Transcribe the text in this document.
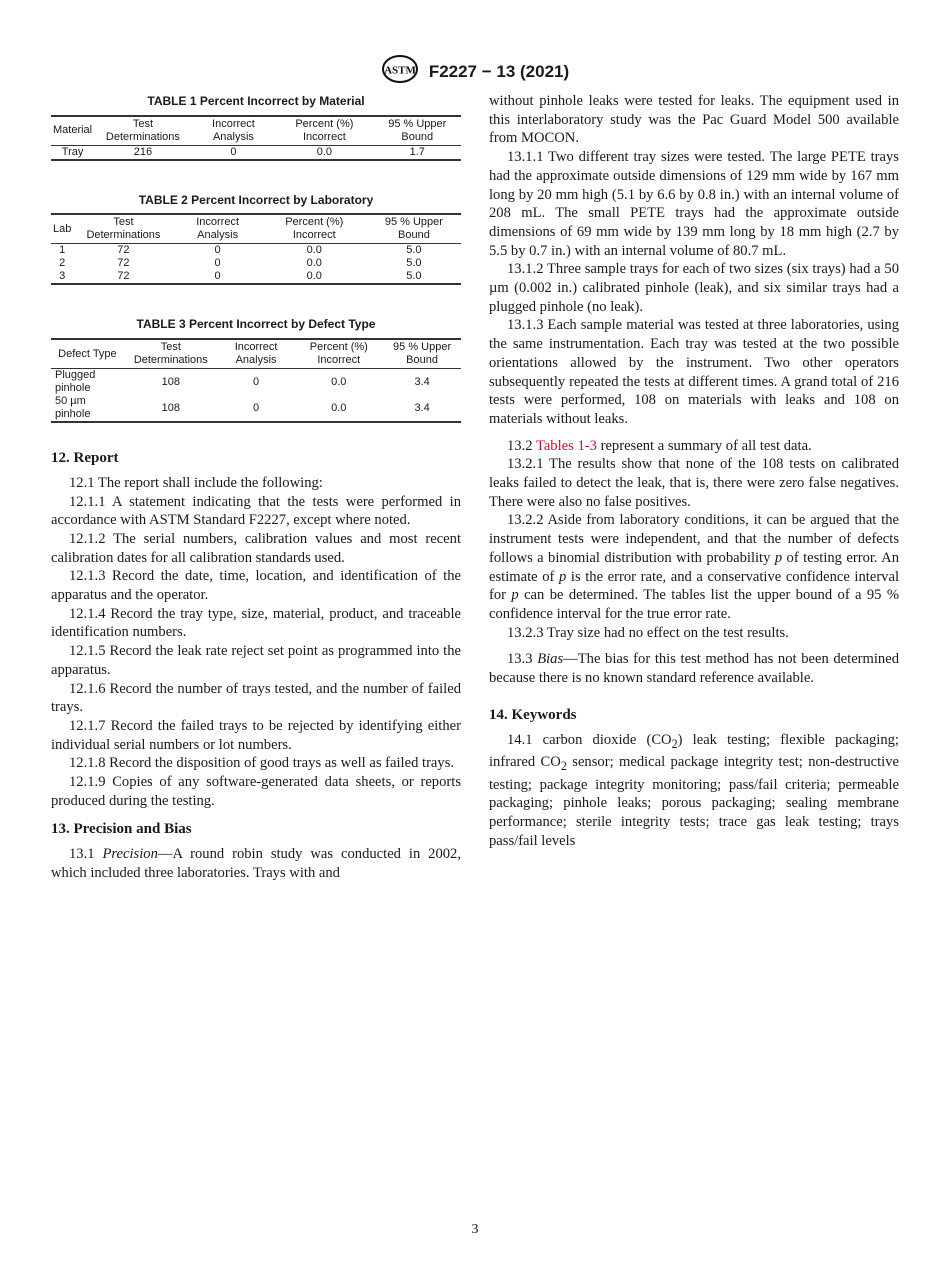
ASTM F2227 − 13 (2021)
TABLE 1 Percent Incorrect by Material
Material	Test Determinations	Incorrect Analysis	Percent (%) Incorrect	95 % Upper Bound
Tray	216	0	0.0	1.7
TABLE 2 Percent Incorrect by Laboratory
Lab	Test Determinations	Incorrect Analysis	Percent (%) Incorrect	95 % Upper Bound
1	72	0	0.0	5.0
2	72	0	0.0	5.0
3	72	0	0.0	5.0
TABLE 3 Percent Incorrect by Defect Type
Defect Type	Test Determinations	Incorrect Analysis	Percent (%) Incorrect	95 % Upper Bound
Plugged pinhole	108	0	0.0	3.4
50 µm pinhole	108	0	0.0	3.4
12. Report

12.1 The report shall include the following:

12.1.1 A statement indicating that the tests were performed in accordance with ASTM Standard F2227, except where noted.

12.1.2 The serial numbers, calibration values and most recent calibration dates for all calibration standards used.

12.1.3 Record the date, time, location, and identification of the apparatus and the operator.

12.1.4 Record the tray type, size, material, product, and traceable identification numbers.

12.1.5 Record the leak rate reject set point as programmed into the apparatus.

12.1.6 Record the number of trays tested, and the number of failed trays.

12.1.7 Record the failed trays to be rejected by identifying either individual serial numbers or lot numbers.

12.1.8 Record the disposition of good trays as well as failed trays.

12.1.9 Copies of any software-generated data sheets, or reports produced during the testing.

13. Precision and Bias

13.1 Precision—A round robin study was conducted in 2002, which included three laboratories. Trays with and

3

without pinhole leaks were tested for leaks. The equipment used in this interlaboratory study was the Pac Guard Model 500 available from MOCON.

13.1.1 Two different tray sizes were tested. The large PETE trays had the approximate outside dimensions of 129 mm wide by 167 mm long by 20 mm high (5.1 by 6.6 by 0.8 in.) with an internal volume of 208 mL. The small PETE trays had the approximate outside dimensions of 69 mm wide by 139 mm long by 18 mm high (2.7 by 5.5 by 0.7 in.) with an internal volume of 80.7 mL.

13.1.2 Three sample trays for each of two sizes (six trays) had a 50 µm (0.002 in.) calibrated pinhole (leak), and six similar trays had a plugged pinhole (no leak).

13.1.3 Each sample material was tested at three laboratories, using the same instrumentation. Each tray was tested at the two possible orientations allowed by the instrument. Two other operators subsequently repeated the tests at different times. A grand total of 216 tests were performed, 108 on materials with leaks and 108 on materials without leaks.

13.2 Tables 1-3 represent a summary of all test data.

13.2.1 The results show that none of the 108 tests on calibrated leaks failed to detect the leak, that is, there were zero false negatives. There were also no false positives.

13.2.2 Aside from laboratory conditions, it can be argued that the instrument tests were independent, and that the number of defects follows a binomial distribution with probability p of testing error. An estimate of p is the error rate, and a conservative confidence interval for p can be determined. The tables list the upper bound of a 95 % confidence interval for the true error rate.

13.2.3 Tray size had no effect on the test results.

13.3 Bias—The bias for this test method has not been determined because there is no known standard reference available.

14. Keywords

14.1 carbon dioxide $(CO_2)$ leak testing; flexible packaging; infrared $CO_2$ sensor; medical package integrity test; non-destructive testing; package integrity monitoring; pass/fail criteria; permeable packaging; pinhole leaks; porous packaging; sealing membrane performance; sterile integrity tests; trace gas leak testing; trays pass/fail levels
